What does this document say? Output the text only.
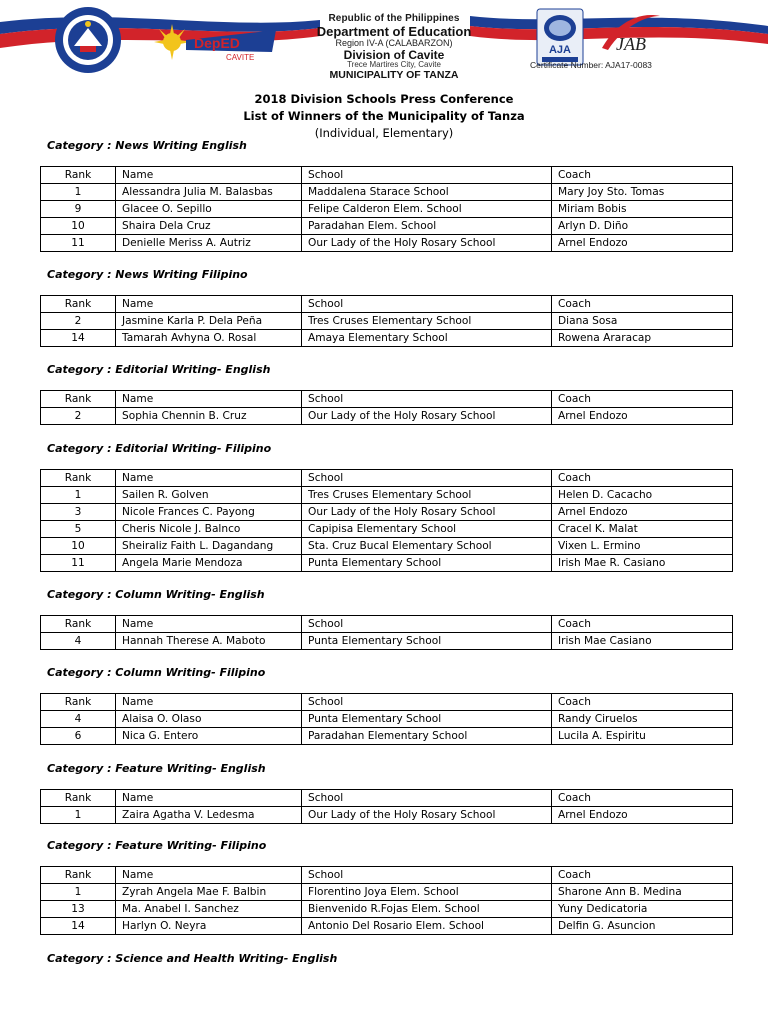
DepED
CAVITE
Republic of the Philippines
Department of Education
Region IV-A (CALABARZON)
Division of Cavite
Trece Martires City, Cavite
MUNICIPALITY OF TANZA
AJA JAB
Certificate Number: AJA17-0083
2018 Division Schools Press Conference
List of Winners of the Municipality of Tanza
(Individual, Elementary)
Category : News Writing English
Rank	Name	School	Coach
1	Alessandra Julia M. Balasbas	Maddalena Starace School	Mary Joy Sto. Tomas
9	Glacee O. Sepillo	Felipe Calderon Elem. School	Miriam Bobis
10	Shaira Dela Cruz	Paradahan Elem. School	Arlyn D. Diño
11	Denielle Meriss A. Autriz	Our Lady of the Holy Rosary School	Arnel Endozo
Category : News Writing Filipino
Rank	Name	School	Coach
2	Jasmine Karla P. Dela Peña	Tres Cruses Elementary School	Diana Sosa
14	Tamarah Avhyna O. Rosal	Amaya Elementary School	Rowena Araracap
Category : Editorial Writing- English
Rank	Name	School	Coach
2	Sophia Chennin B. Cruz	Our Lady of the Holy Rosary School	Arnel Endozo
Category : Editorial Writing- Filipino
Rank	Name	School	Coach
1	Sailen R. Golven	Tres Cruses Elementary School	Helen D. Cacacho
3	Nicole Frances C. Payong	Our Lady of the Holy Rosary School	Arnel Endozo
5	Cheris Nicole J. Balnco	Capipisa Elementary School	Cracel K. Malat
10	Sheiraliz Faith L. Dagandang	Sta. Cruz Bucal Elementary School	Vixen L. Ermino
11	Angela Marie Mendoza	Punta Elementary School	Irish Mae R. Casiano
Category : Column Writing- English
Rank	Name	School	Coach
4	Hannah Therese A. Maboto	Punta Elementary School	Irish Mae Casiano
Category : Column Writing- Filipino
Rank	Name	School	Coach
4	Alaisa O. Olaso	Punta Elementary School	Randy Ciruelos
6	Nica G. Entero	Paradahan Elementary School	Lucila A. Espiritu
Category : Feature Writing- English
Rank	Name	School	Coach
1	Zaira Agatha V. Ledesma	Our Lady of the Holy Rosary School	Arnel Endozo
Category : Feature Writing- Filipino
Rank	Name	School	Coach
1	Zyrah Angela Mae F. Balbin	Florentino Joya Elem. School	Sharone Ann B. Medina
13	Ma. Anabel I. Sanchez	Bienvenido R.Fojas Elem. School	Yuny Dedicatoria
14	Harlyn O. Neyra	Antonio Del Rosario Elem. School	Delfin G. Asuncion
Category : Science and Health Writing- English
